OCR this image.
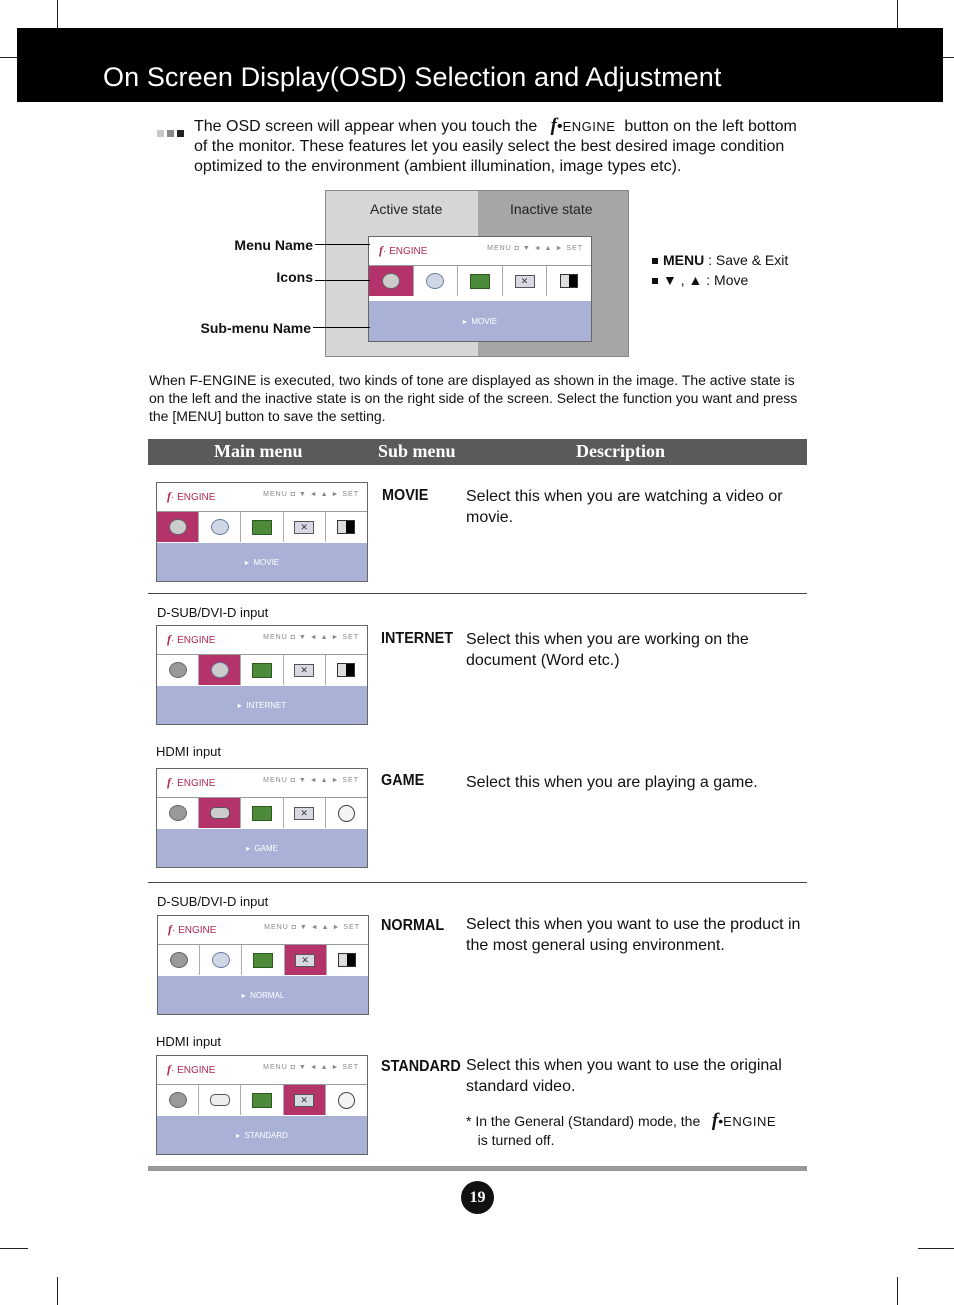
On Screen Display(OSD) Selection and Adjustment
The OSD screen will appear when you touch the f•ENGINE button on the left bottom of the monitor. These features let you easily select the best desired image condition optimized to the environment (ambient illumination, image types etc).
Active state	Inactive state
f· ENGINE	MENU ◘ ▼ ◄ ▲ ► SET
✕
▸ MOVIE
Menu Name
Icons
Sub-menu Name
MENU : Save & Exit
▼ , ▲ : Move
When F-ENGINE is executed, two kinds of tone are displayed as shown in the image. The active state is on the left and the inactive state is on the right side of the screen. Select the function you want and press the [MENU] button to save the setting.
Main menu	Sub menu	Description
f· ENGINE	MENU ◘ ▼ ◄ ▲ ► SET
✕
▸ MOVIE
MOVIE Select this when you are watching a video or movie.
D-SUB/DVI-D input
f· ENGINE	MENU ◘ ▼ ◄ ▲ ► SET
✕
▸ INTERNET
INTERNET Select this when you are working on the document (Word etc.)
HDMI input
f· ENGINE	MENU ◘ ▼ ◄ ▲ ► SET
✕
▸ GAME
GAME	Select this when you are playing a game.
D-SUB/DVI-D input
f· ENGINE	MENU ◘ ▼ ◄ ▲ ► SET
✕
▸ NORMAL
NORMAL Select this when you want to use the product in the most general using environment.
HDMI input
f· ENGINE	MENU ◘ ▼ ◄ ▲ ► SET
✕
▸ STANDARD
STANDARD Select this when you want to use the original standard video.
* In the General (Standard) mode, the f•ENGINE
is turned off.
19
